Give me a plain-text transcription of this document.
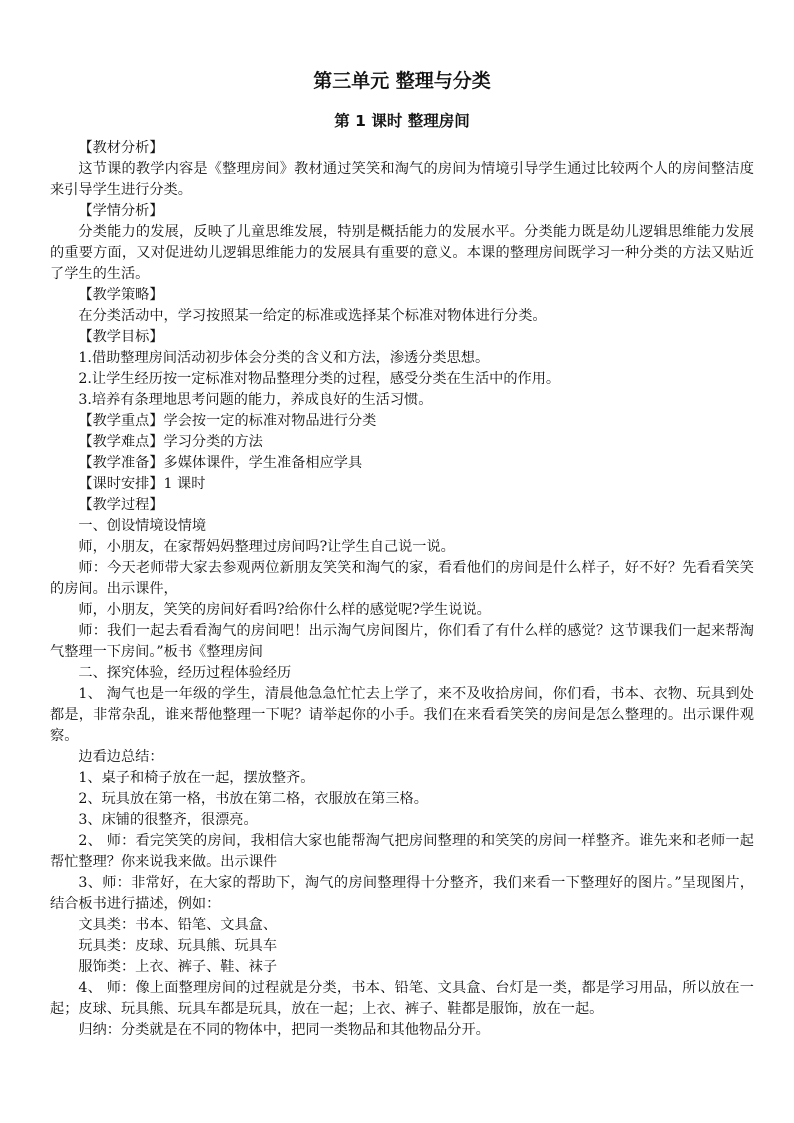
第三单元 整理与分类
第 1 课时 整理房间

【教材分析】

这节课的教学内容是《整理房间》教材通过笑笑和淘气的房间为情境引导学生通过比较两个人的房间整洁度来引导学生进行分类。

【学情分析】

分类能力的发展，反映了儿童思维发展，特别是概括能力的发展水平。分类能力既是幼儿逻辑思维能力发展的重要方面，又对促进幼儿逻辑思维能力的发展具有重要的意义。本课的整理房间既学习一种分类的方法又贴近了学生的生活。

【教学策略】

在分类活动中，学习按照某一给定的标准或选择某个标准对物体进行分类。

【教学目标】

1.借助整理房间活动初步体会分类的含义和方法，渗透分类思想。

2.让学生经历按一定标准对物品整理分类的过程，感受分类在生活中的作用。

3.培养有条理地思考问题的能力，养成良好的生活习惯。

【教学重点】学会按一定的标准对物品进行分类

【教学难点】学习分类的方法

【教学准备】多媒体课件，学生准备相应学具

【课时安排】1 课时

【教学过程】

一、创设情境设情境

师，小朋友，在家帮妈妈整理过房间吗?让学生自己说一说。

师：今天老师带大家去参观两位新朋友笑笑和淘气的家，看看他们的房间是什么样子，好不好？先看看笑笑的房间。出示课件，

师，小朋友，笑笑的房间好看吗?给你什么样的感觉呢?学生说说。

师：我们一起去看看淘气的房间吧！出示淘气房间图片，你们看了有什么样的感觉？这节课我们一起来帮淘气整理一下房间。”板书《整理房间

二、探究体验，经历过程体验经历

1、 淘气也是一年级的学生，清晨他急急忙忙去上学了，来不及收拾房间，你们看，书本、衣物、玩具到处都是，非常杂乱，谁来帮他整理一下呢？请举起你的小手。我们在来看看笑笑的房间是怎么整理的。出示课件观察。

边看边总结：

1、桌子和椅子放在一起，摆放整齐。

2、玩具放在第一格，书放在第二格，衣服放在第三格。

3、床铺的很整齐，很漂亮。

2、 师：看完笑笑的房间，我相信大家也能帮淘气把房间整理的和笑笑的房间一样整齐。谁先来和老师一起帮忙整理？你来说我来做。出示课件

3、师：非常好，在大家的帮助下，淘气的房间整理得十分整齐，我们来看一下整理好的图片。”呈现图片，结合板书进行描述，例如：

文具类：书本、铅笔、文具盒、

玩具类：皮球、玩具熊、玩具车

服饰类：上衣、裤子、鞋、袜子

4、 师：像上面整理房间的过程就是分类，书本、铅笔、文具盒、台灯是一类，都是学习用品，所以放在一起；皮球、玩具熊、玩具车都是玩具，放在一起；上衣、裤子、鞋都是服饰，放在一起。

归纳：分类就是在不同的物体中，把同一类物品和其他物品分开。
